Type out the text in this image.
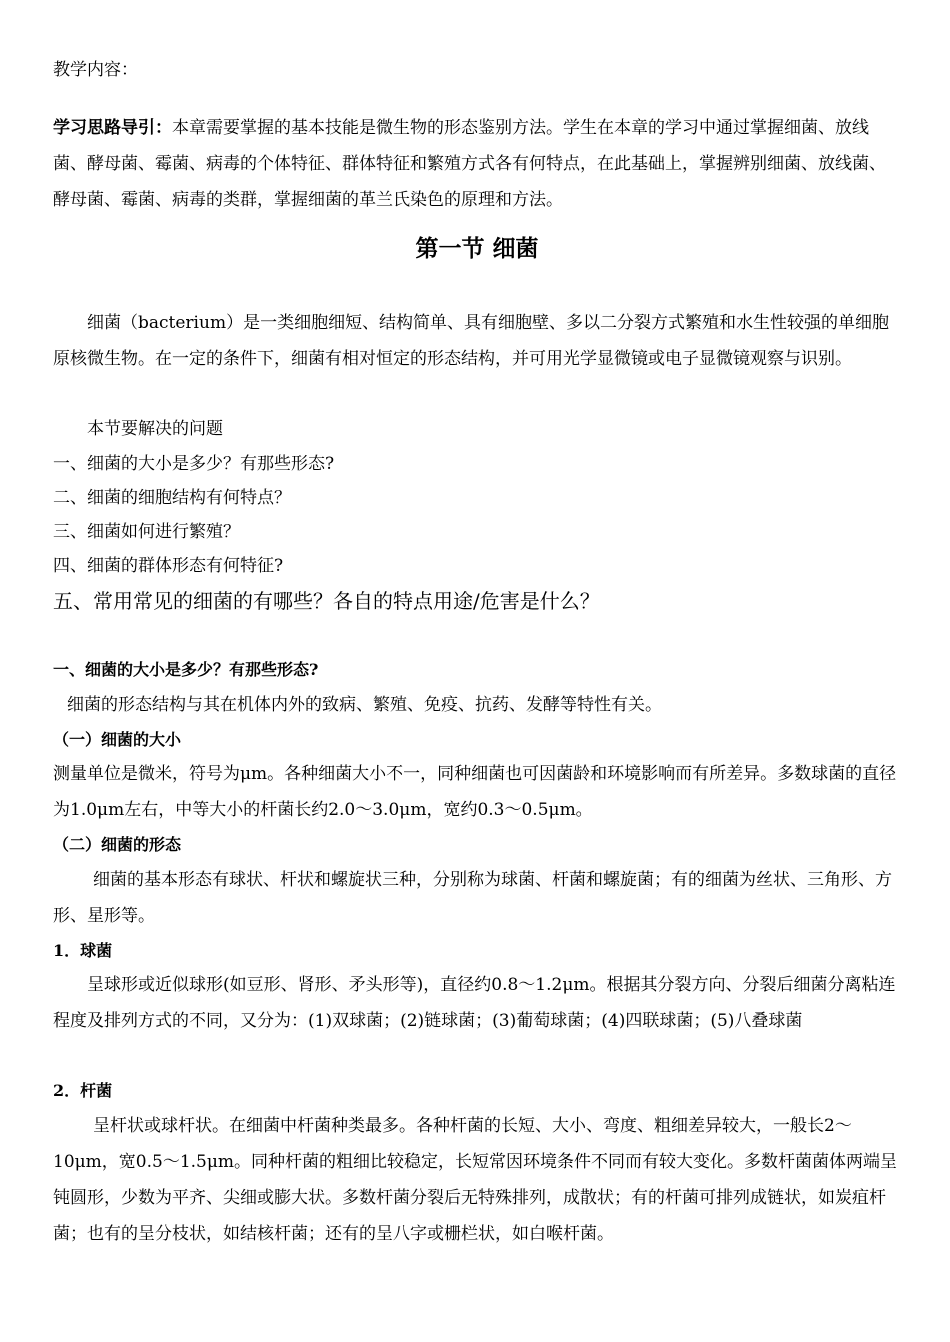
教学内容：

学习思路导引：本章需要掌握的基本技能是微生物的形态鉴别方法。学生在本章的学习中通过掌握细菌、放线菌、酵母菌、霉菌、病毒的个体特征、群体特征和繁殖方式各有何特点，在此基础上，掌握辨别细菌、放线菌、酵母菌、霉菌、病毒的类群，掌握细菌的革兰氏染色的原理和方法。

第一节 细菌

细菌（bacterium）是一类细胞细短、结构简单、具有细胞壁、多以二分裂方式繁殖和水生性较强的单细胞原核微生物。在一定的条件下，细菌有相对恒定的形态结构，并可用光学显微镜或电子显微镜观察与识别。

本节要解决的问题

一、细菌的大小是多少？有那些形态?

二、细菌的细胞结构有何特点？

三、细菌如何进行繁殖？

四、细菌的群体形态有何特征?

五、常用常见的细菌的有哪些？各自的特点用途/危害是什么？

一、细菌的大小是多少？有那些形态?

细菌的形态结构与其在机体内外的致病、繁殖、免疫、抗药、发酵等特性有关。

（一）细菌的大小

测量单位是微米，符号为μm。各种细菌大小不一，同种细菌也可因菌龄和环境影响而有所差异。多数球菌的直径为1.0μm左右，中等大小的杆菌长约2.0～3.0μm，宽约0.3～0.5μm。

（二）细菌的形态

细菌的基本形态有球状、杆状和螺旋状三种，分别称为球菌、杆菌和螺旋菌；有的细菌为丝状、三角形、方形、星形等。

1．球菌

呈球形或近似球形(如豆形、肾形、矛头形等)，直径约0.8～1.2μm。根据其分裂方向、分裂后细菌分离粘连程度及排列方式的不同，又分为：(1)双球菌；(2)链球菌；(3)葡萄球菌；(4)四联球菌；(5)八叠球菌

2．杆菌

呈杆状或球杆状。在细菌中杆菌种类最多。各种杆菌的长短、大小、弯度、粗细差异较大，一般长2～10μm，宽0.5～1.5μm。同种杆菌的粗细比较稳定，长短常因环境条件不同而有较大变化。多数杆菌菌体两端呈钝圆形，少数为平齐、尖细或膨大状。多数杆菌分裂后无特殊排列，成散状；有的杆菌可排列成链状，如炭疽杆菌；也有的呈分枝状，如结核杆菌；还有的呈八字或栅栏状，如白喉杆菌。
